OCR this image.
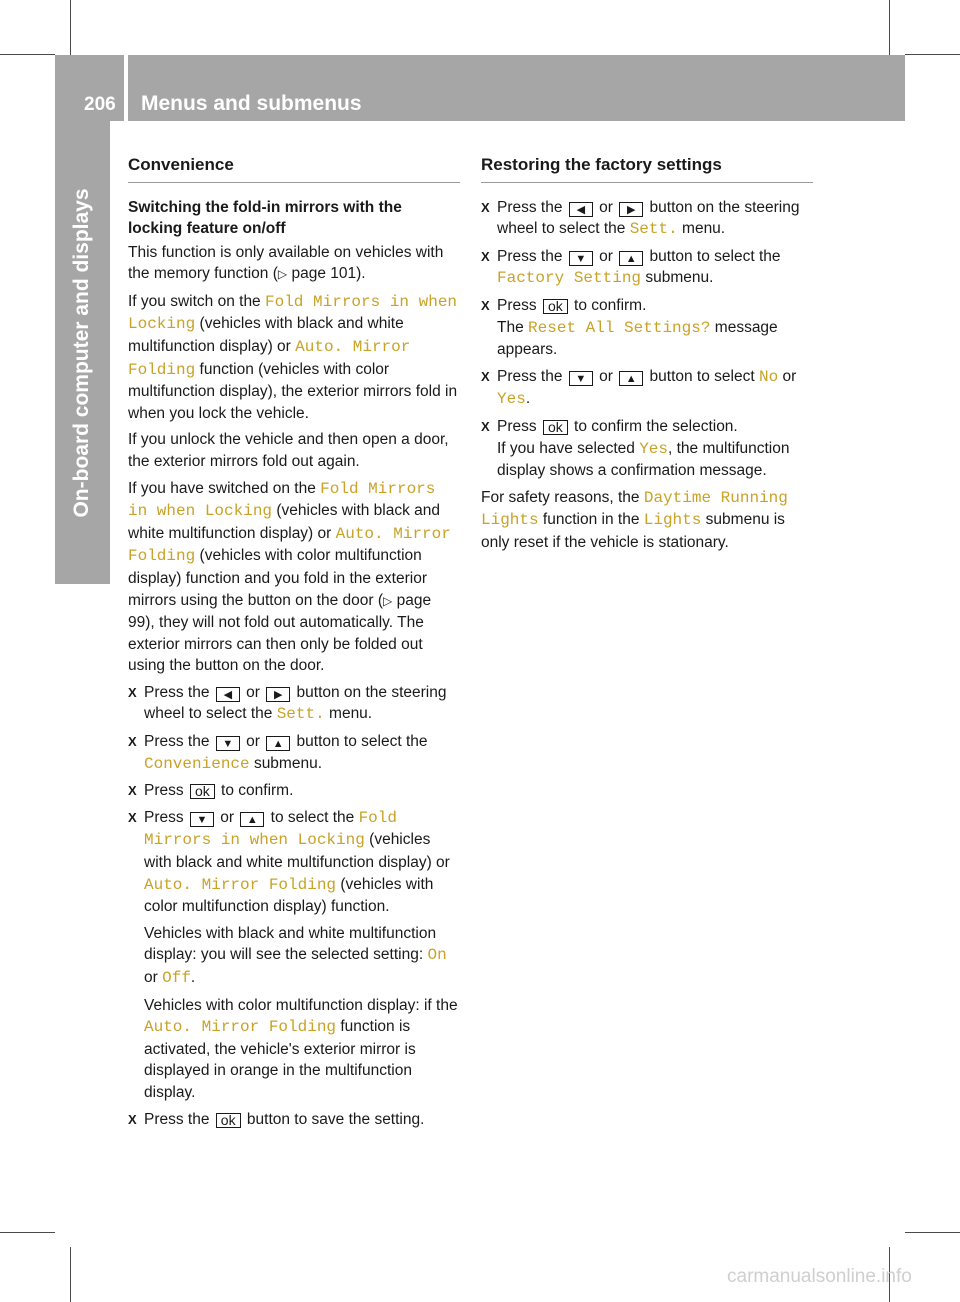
206 Menus and submenus
On-board computer and displays
Convenience
Switching the fold-in mirrors with the locking feature on/off

This function is only available on vehicles with the memory function (▷ page 101).

If you switch on the Fold Mirrors in when Locking (vehicles with black and white multifunction display) or Auto. Mirror Folding function (vehicles with color multifunction display), the exterior mirrors fold in when you lock the vehicle.

If you unlock the vehicle and then open a door, the exterior mirrors fold out again.

If you have switched on the Fold Mirrors in when Locking (vehicles with black and white multifunction display) or Auto. Mirror Folding (vehicles with color multifunction display) function and you fold in the exterior mirrors using the button on the door (▷ page 99), they will not fold out automatically. The exterior mirrors can then only be folded out using the button on the door.

X Press the ◀ or ▶ button on the steering wheel to select the Sett. menu.
X Press the ▼ or ▲ button to select the Convenience submenu.
X Press ok to confirm.
X Press ▼ or ▲ to select the Fold Mirrors in when Locking (vehicles with black and white multifunction display) or Auto. Mirror Folding (vehicles with color multifunction display) function.

Vehicles with black and white multifunction display: you will see the selected setting: On or Off.

Vehicles with color multifunction display: if the Auto. Mirror Folding function is activated, the vehicle's exterior mirror is displayed in orange in the multifunction display.

X Press the ok button to save the setting.
Restoring the factory settings
X Press the ◀ or ▶ button on the steering wheel to select the Sett. menu.
X Press the ▼ or ▲ button to select the Factory Setting submenu.
X Press ok to confirm.

The Reset All Settings? message appears.

X Press the ▼ or ▲ button to select No or Yes.
X Press ok to confirm the selection.

If you have selected Yes, the multifunction display shows a confirmation message.

For safety reasons, the Daytime Running Lights function in the Lights submenu is only reset if the vehicle is stationary.

carmanualsonline.info
